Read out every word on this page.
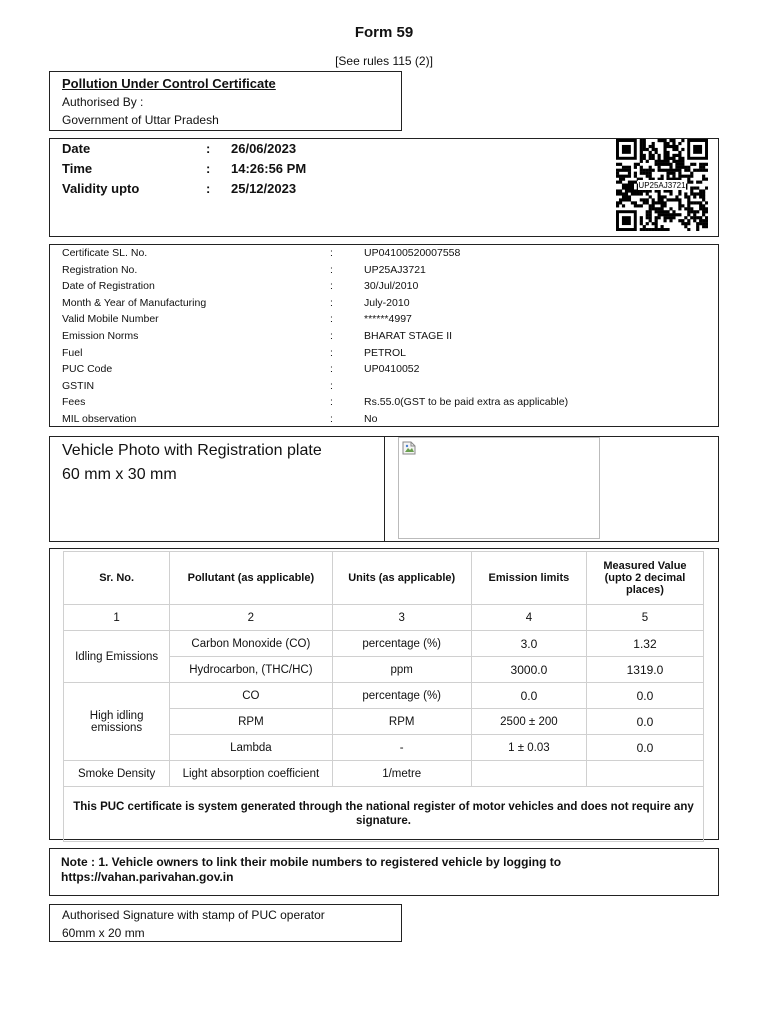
Form 59
[See rules 115 (2)]
Pollution Under Control Certificate
Authorised By :
Government of Uttar Pradesh
Date	: 26/06/2023
Time	: 14:26:56 PM
Validity upto	: 25/12/2023	UP25AJ3721
Certificate SL. No.	:	UP04100520007558
Registration No.	:	UP25AJ3721
Date of Registration	:	30/Jul/2010
Month & Year of Manufacturing	:	July-2010
Valid Mobile Number	:	******4997
Emission Norms	:	BHARAT STAGE II
Fuel	:	PETROL
PUC Code	:	UP0410052
GSTIN	:
Fees	:	Rs.55.0(GST to be paid extra as applicable)
MIL observation	:	No
Vehicle Photo with Registration plate
60 mm x 30 mm
Sr. No.	Pollutant (as applicable)	Units (as applicable)	Emission limits	Measured Value (upto 2 decimal places)
1	2	3	4	5
Idling Emissions	Carbon Monoxide (CO)	percentage (%)	3.0	1.32
	Hydrocarbon, (THC/HC)	ppm	3000.0	1319.0
High idling emissions	CO	percentage (%)	0.0	0.0
	RPM	RPM	2500 ± 200	0.0
	Lambda	-	1 ± 0.03	0.0
Smoke Density	Light absorption coefficient	1/metre		
This PUC certificate is system generated through the national register of motor vehicles and does not require any signature.				
Note : 1. Vehicle owners to link their mobile numbers to registered vehicle by logging to
https://vahan.parivahan.gov.in
Authorised Signature with stamp of PUC operator
60mm x 20 mm
